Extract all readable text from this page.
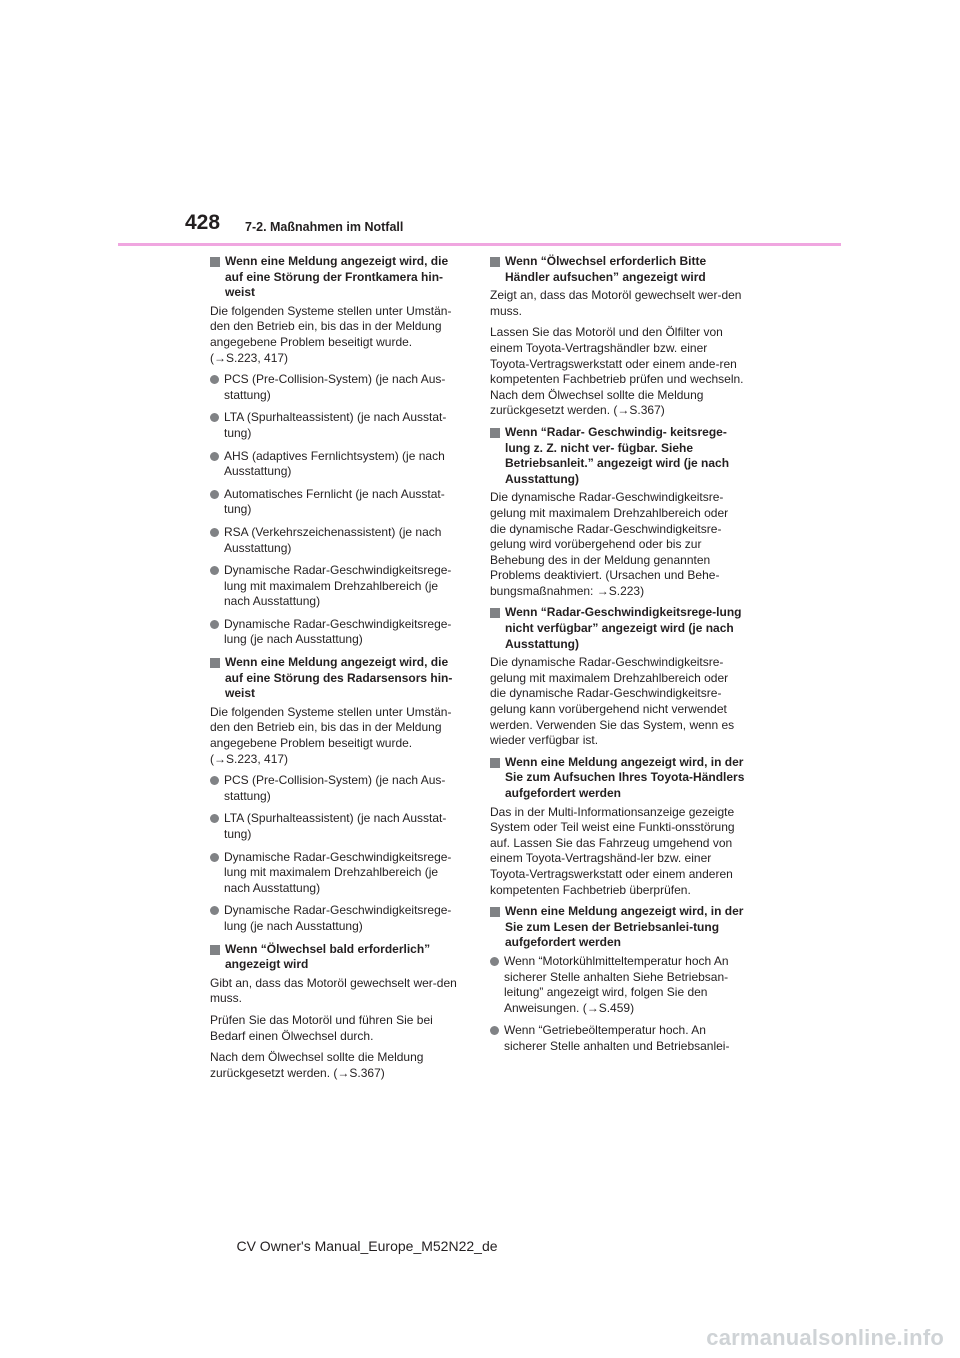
428 7-2. Maßnahmen im Notfall
Wenn eine Meldung angezeigt wird, die auf eine Störung der Frontkamera hin-weist
Die folgenden Systeme stellen unter Umstän-den den Betrieb ein, bis das in der Meldung angegebene Problem beseitigt wurde. (→S.223, 417)
PCS (Pre-Collision-System) (je nach Aus-stattung)
LTA (Spurhalteassistent) (je nach Ausstat-tung)
AHS (adaptives Fernlichtsystem) (je nach Ausstattung)
Automatisches Fernlicht (je nach Ausstat-tung)
RSA (Verkehrszeichenassistent) (je nach Ausstattung)
Dynamische Radar-Geschwindigkeitsrege-lung mit maximalem Drehzahlbereich (je nach Ausstattung)
Dynamische Radar-Geschwindigkeitsrege-lung (je nach Ausstattung)
Wenn eine Meldung angezeigt wird, die auf eine Störung des Radarsensors hin-weist
Die folgenden Systeme stellen unter Umstän-den den Betrieb ein, bis das in der Meldung angegebene Problem beseitigt wurde. (→S.223, 417)
PCS (Pre-Collision-System) (je nach Aus-stattung)
LTA (Spurhalteassistent) (je nach Ausstat-tung)
Dynamische Radar-Geschwindigkeitsrege-lung mit maximalem Drehzahlbereich (je nach Ausstattung)
Dynamische Radar-Geschwindigkeitsrege-lung (je nach Ausstattung)
Wenn “Ölwechsel bald erforderlich” angezeigt wird
Gibt an, dass das Motoröl gewechselt wer-den muss.
Prüfen Sie das Motoröl und führen Sie bei Bedarf einen Ölwechsel durch.
Nach dem Ölwechsel sollte die Meldung zurückgesetzt werden. (→S.367)
Wenn “Ölwechsel erforderlich Bitte Händler aufsuchen” angezeigt wird
Zeigt an, dass das Motoröl gewechselt wer-den muss.
Lassen Sie das Motoröl und den Ölfilter von einem Toyota-Vertragshändler bzw. einer Toyota-Vertragswerkstatt oder einem ande-ren kompetenten Fachbetrieb prüfen und wechseln. Nach dem Ölwechsel sollte die Meldung zurückgesetzt werden. (→S.367)
Wenn “Radar- Geschwindig- keitsrege-lung z. Z. nicht ver- fügbar. Siehe Betriebsanleit.” angezeigt wird (je nach Ausstattung)
Die dynamische Radar-Geschwindigkeitsre-gelung mit maximalem Drehzahlbereich oder die dynamische Radar-Geschwindigkeitsre-gelung wird vorübergehend oder bis zur Behebung des in der Meldung genannten Problems deaktiviert. (Ursachen und Behe-bungsmaßnahmen: →S.223)
Wenn “Radar-Geschwindigkeitsrege-lung nicht verfügbar” angezeigt wird (je nach Ausstattung)
Die dynamische Radar-Geschwindigkeitsre-gelung mit maximalem Drehzahlbereich oder die dynamische Radar-Geschwindigkeitsre-gelung kann vorübergehend nicht verwendet werden. Verwenden Sie das System, wenn es wieder verfügbar ist.
Wenn eine Meldung angezeigt wird, in der Sie zum Aufsuchen Ihres Toyota-Händlers aufgefordert werden
Das in der Multi-Informationsanzeige gezeigte System oder Teil weist eine Funkti-onsstörung auf. Lassen Sie das Fahrzeug umgehend von einem Toyota-Vertragshänd-ler bzw. einer Toyota-Vertragswerkstatt oder einem anderen kompetenten Fachbetrieb überprüfen.
Wenn eine Meldung angezeigt wird, in der Sie zum Lesen der Betriebsanlei-tung aufgefordert werden
Wenn “Motorkühlmitteltemperatur hoch An sicherer Stelle anhalten Siehe Betriebsan-leitung” angezeigt wird, folgen Sie den Anweisungen. (→S.459)
Wenn “Getriebeöltemperatur hoch. An sicherer Stelle anhalten und Betriebsanlei-
CV Owner's Manual_Europe_M52N22_de
carmanualsonline.info
